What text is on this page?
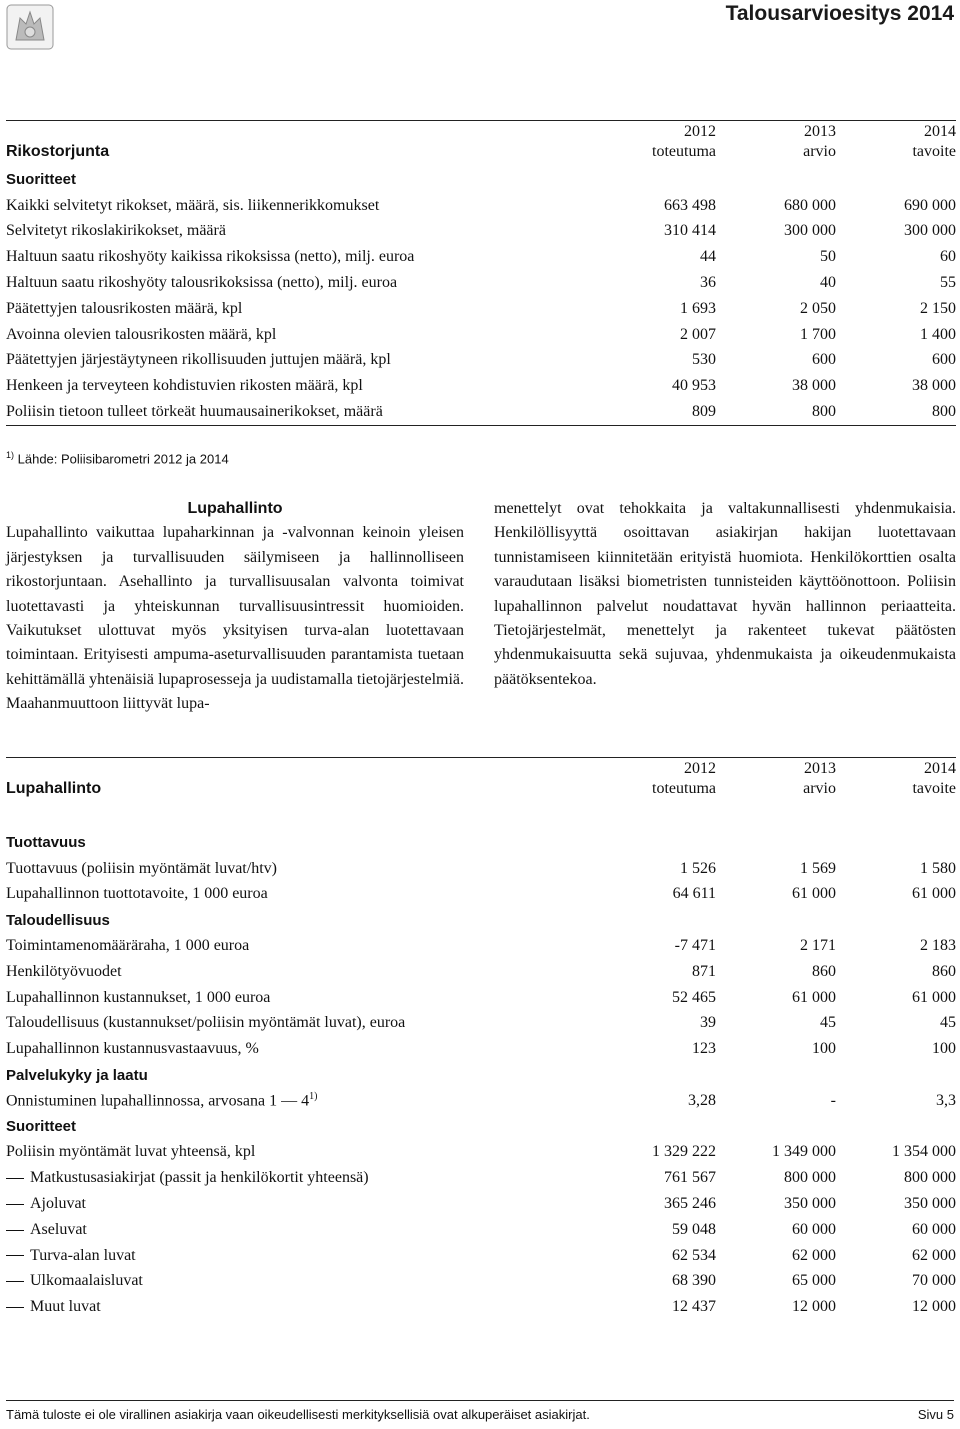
Talousarvioesitys 2014
	2012	2013	2014
Rikostorjunta	toteutuma	arvio	tavoite
Suoritteet			
Kaikki selvitetyt rikokset, määrä, sis. liikennerikkomukset	663 498	680 000	690 000
Selvitetyt rikoslakirikokset, määrä	310 414	300 000	300 000
Haltuun saatu rikoshyöty kaikissa rikoksissa (netto), milj. euroa	44	50	60
Haltuun saatu rikoshyöty talousrikoksissa (netto), milj. euroa	36	40	55
Päätettyjen talousrikosten määrä, kpl	1 693	2 050	2 150
Avoinna olevien talousrikosten määrä, kpl	2 007	1 700	1 400
Päätettyjen järjestäytyneen rikollisuuden juttujen määrä, kpl	530	600	600
Henkeen ja terveyteen kohdistuvien rikosten määrä, kpl	40 953	38 000	38 000
Poliisin tietoon tulleet törkeät huumausainerikokset, määrä	809	800	800
$^{1)}$ Lähde: Poliisibarometri 2012 ja 2014
Lupahallinto

Lupahallinto vaikuttaa lupaharkinnan ja -valvonnan keinoin yleisen järjestyksen ja turvallisuuden säilymiseen ja hallinnolliseen rikostorjuntaan. Asehallinto ja turvallisuusalan valvonta toimivat luotettavasti ja yhteiskunnan turvallisuusintressit huomioiden. Vaikutukset ulottuvat myös yksityisen turva-alan luotettavaan toimintaan. Erityisesti ampuma-aseturvallisuuden parantamista tuetaan kehittämällä yhtenäisiä lupaprosesseja ja uudistamalla tietojärjestelmiä. Maahanmuuttoon liittyvät lupa-

menettelyt ovat tehokkaita ja valtakunnallisesti yhdenmukaisia. Henkilöllisyyttä osoittavan asiakirjan hakijan luotettavaan tunnistamiseen kiinnitetään erityistä huomiota. Henkilökorttien osalta varaudutaan lisäksi biometristen tunnisteiden käyttöönottoon. Poliisin lupahallinnon palvelut noudattavat hyvän hallinnon periaatteita. Tietojärjestelmät, menettelyt ja rakenteet tukevat päätösten yhdenmukaisuutta sekä sujuvaa, yhdenmukaista ja oikeudenmukaista päätöksentekoa.

	2012	2013	2014
Lupahallinto	toteutuma	arvio	tavoite

Tuottavuus			
Tuottavuus (poliisin myöntämät luvat/htv)	1 526	1 569	1 580
Lupahallinnon tuottotavoite, 1 000 euroa	64 611	61 000	61 000
Taloudellisuus			
Toimintamenomääräraha, 1 000 euroa	-7 471	2 171	2 183
Henkilötyövuodet	871	860	860
Lupahallinnon kustannukset, 1 000 euroa	52 465	61 000	61 000
Taloudellisuus (kustannukset/poliisin myöntämät luvat), euroa	39	45	45
Lupahallinnon kustannusvastaavuus, %	123	100	100
Palvelukyky ja laatu			
Onnistuminen lupahallinnossa, arvosana 1 — 4$^{1)}$	3,28	-	3,3
Suoritteet			
Poliisin myöntämät luvat yhteensä, kpl	1 329 222	1 349 000	1 354 000
Matkustusasiakirjat (passit ja henkilökortit yhteensä)	761 567	800 000	800 000
Ajoluvat	365 246	350 000	350 000
Aseluvat	59 048	60 000	60 000
Turva-alan luvat	62 534	62 000	62 000
Ulkomaalaisluvat	68 390	65 000	70 000
Muut luvat	12 437	12 000	12 000
Tämä tuloste ei ole virallinen asiakirja vaan oikeudellisesti merkityksellisiä ovat alkuperäiset asiakirjat.	Sivu 5
